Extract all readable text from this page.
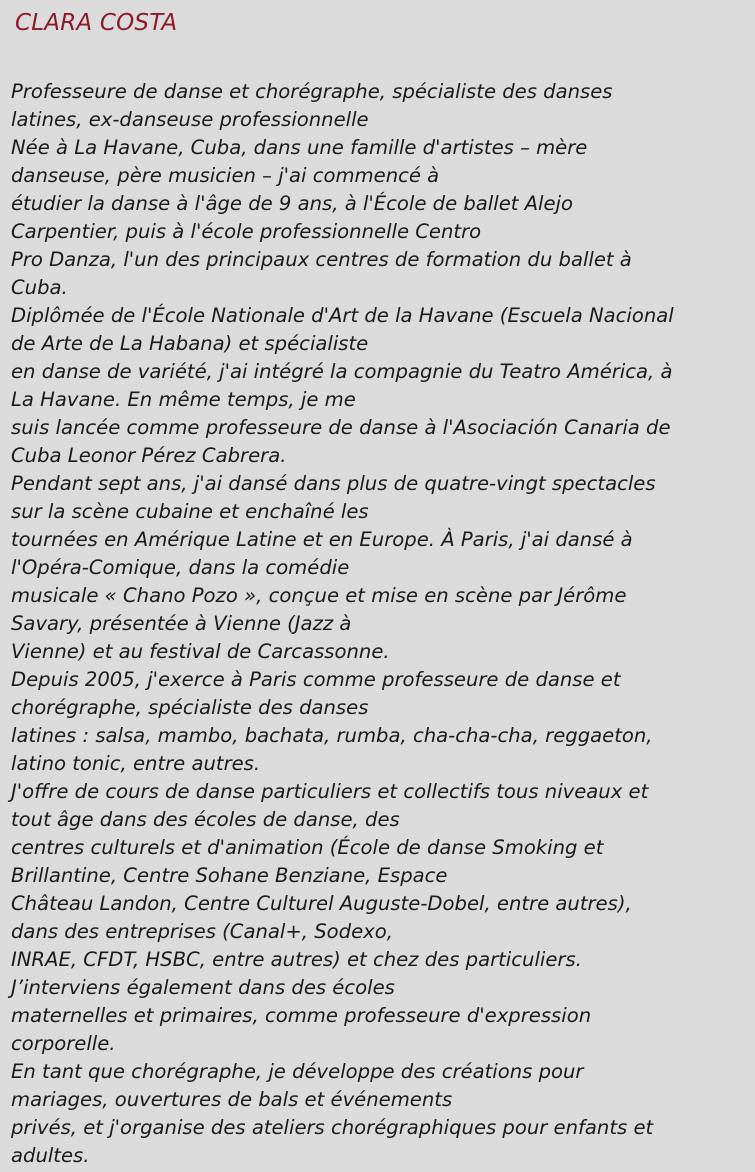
CLARA COSTA
Professeure de danse et chorégraphe, spécialiste des danses
latines, ex-danseuse professionnelle
Née à La Havane, Cuba, dans une famille d'artistes – mère
danseuse, père musicien – j'ai commencé à
étudier la danse à l'âge de 9 ans, à l'École de ballet Alejo
Carpentier, puis à l'école professionnelle Centro
Pro Danza, l'un des principaux centres de formation du ballet à
Cuba.
Diplômée de l'École Nationale d'Art de la Havane (Escuela Nacional
de Arte de La Habana) et spécialiste
en danse de variété, j'ai intégré la compagnie du Teatro América, à
La Havane. En même temps, je me
suis lancée comme professeure de danse à l'Asociación Canaria de
Cuba Leonor Pérez Cabrera.
Pendant sept ans, j'ai dansé dans plus de quatre-vingt spectacles
sur la scène cubaine et enchaîné les
tournées en Amérique Latine et en Europe. À Paris, j'ai dansé à
l'Opéra-Comique, dans la comédie
musicale « Chano Pozo », conçue et mise en scène par Jérôme
Savary, présentée à Vienne (Jazz à
Vienne) et au festival de Carcassonne.
Depuis 2005, j'exerce à Paris comme professeure de danse et
chorégraphe, spécialiste des danses
latines : salsa, mambo, bachata, rumba, cha-cha-cha, reggaeton,
latino tonic, entre autres.
J'offre de cours de danse particuliers et collectifs tous niveaux et
tout âge dans des écoles de danse, des
centres culturels et d'animation (École de danse Smoking et
Brillantine, Centre Sohane Benziane, Espace
Château Landon, Centre Culturel Auguste-Dobel, entre autres),
dans des entreprises (Canal+, Sodexo,
INRAE, CFDT, HSBC, entre autres) et chez des particuliers.
J’interviens également dans des écoles
maternelles et primaires, comme professeure d'expression
corporelle.
En tant que chorégraphe, je développe des créations pour
mariages, ouvertures de bals et événements
privés, et j'organise des ateliers chorégraphiques pour enfants et
adultes.
